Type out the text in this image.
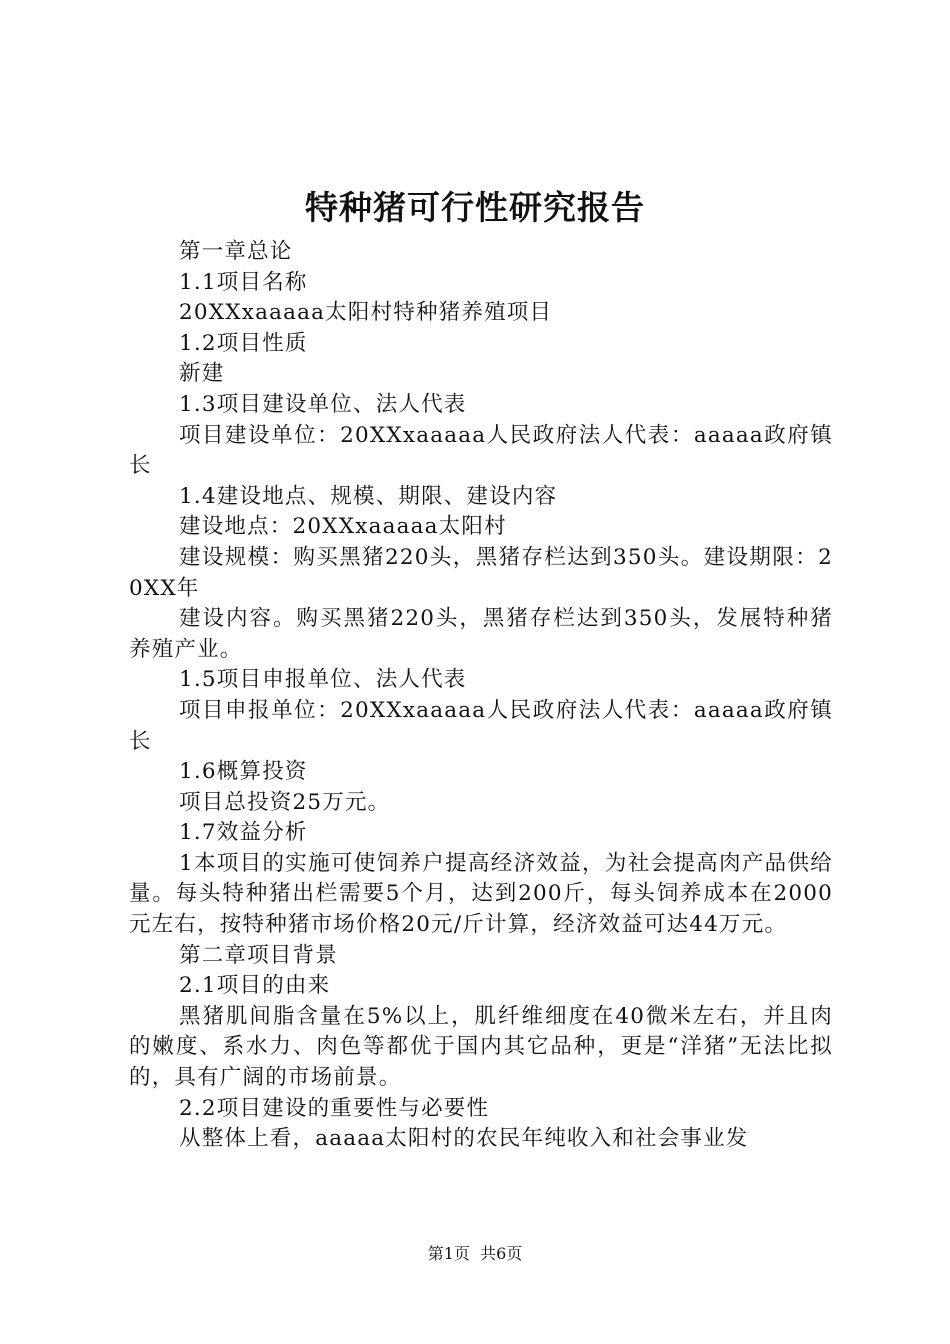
特种猪可行性研究报告

第一章总论

1.1项目名称

20XXxaaaaa太阳村特种猪养殖项目

1.2项目性质

新建

1.3项目建设单位、法人代表

项目建设单位：20XXxaaaaa人民政府法人代表：aaaaa政府镇长

1.4建设地点、规模、期限、建设内容

建设地点：20XXxaaaaa太阳村

建设规模：购买黑猪220头，黑猪存栏达到350头。建设期限：20XX年

建设内容。购买黑猪220头，黑猪存栏达到350头，发展特种猪养殖产业。

1.5项目申报单位、法人代表

项目申报单位：20XXxaaaaa人民政府法人代表：aaaaa政府镇长

1.6概算投资

项目总投资25万元。

1.7效益分析

1本项目的实施可使饲养户提高经济效益，为社会提高肉产品供给量。每头特种猪出栏需要5个月，达到200斤，每头饲养成本在2000元左右，按特种猪市场价格20元/斤计算，经济效益可达44万元。

第二章项目背景

2.1项目的由来

黑猪肌间脂含量在5%以上，肌纤维细度在40微米左右，并且肉的嫩度、系水力、肉色等都优于国内其它品种，更是“洋猪”无法比拟的，具有广阔的市场前景。

2.2项目建设的重要性与必要性

从整体上看，aaaaa太阳村的农民年纯收入和社会事业发

第1页  共6页
